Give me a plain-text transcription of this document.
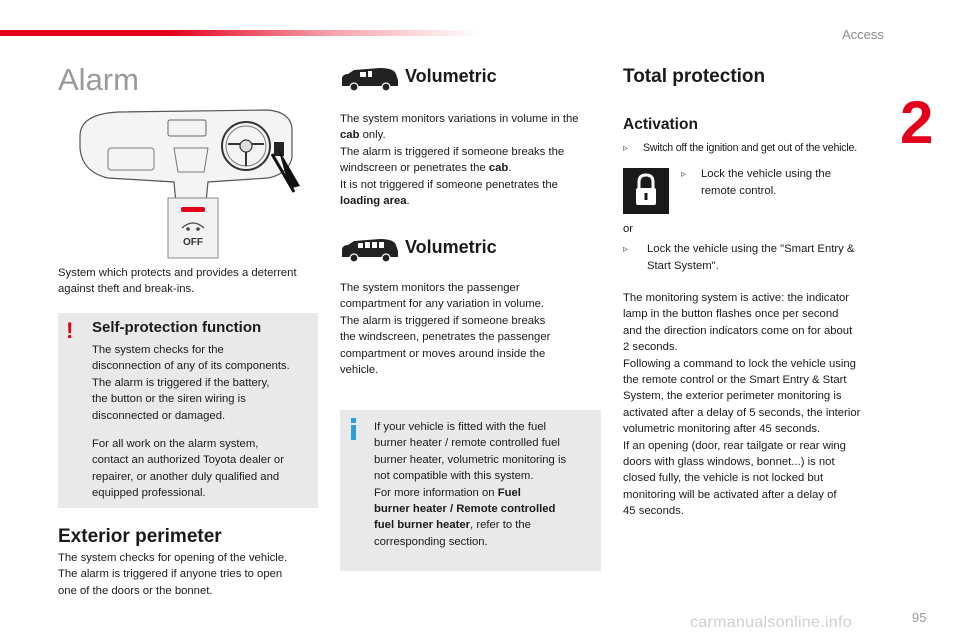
Access
2
Alarm
OFF
System which protects and provides a deterrent
against theft and break-ins.
! Self-protection function
The system checks for the
disconnection of any of its components.
The alarm is triggered if the battery,
the button or the siren wiring is
disconnected or damaged.
For all work on the alarm system,
contact an authorized Toyota dealer or
repairer, or another duly qualified and
equipped professional.
Exterior perimeter
The system checks for opening of the vehicle.
The alarm is triggered if anyone tries to open
one of the doors or the bonnet.
Volumetric
The system monitors variations in volume in the
cab only.
The alarm is triggered if someone breaks the
windscreen or penetrates the cab.
It is not triggered if someone penetrates the
loading area.
Volumetric
The system monitors the passenger
compartment for any variation in volume.
The alarm is triggered if someone breaks
the windscreen, penetrates the passenger
compartment or moves around inside the
vehicle.
If your vehicle is fitted with the fuel
burner heater / remote controlled fuel
burner heater, volumetric monitoring is
not compatible with this system.
For more information on Fuel
burner heater / Remote controlled
fuel burner heater, refer to the
corresponding section.
Total protection
Activation
▹ Switch off the ignition and get out of the vehicle.
▹ Lock the vehicle using the
remote control.
or
▹ Lock the vehicle using the "Smart Entry &
Start System".
The monitoring system is active: the indicator
lamp in the button flashes once per second
and the direction indicators come on for about
2 seconds.
Following a command to lock the vehicle using
the remote control or the Smart Entry & Start
System, the exterior perimeter monitoring is
activated after a delay of 5 seconds, the interior
volumetric monitoring after 45 seconds.
If an opening (door, rear tailgate or rear wing
doors with glass windows, bonnet...) is not
closed fully, the vehicle is not locked but
monitoring will be activated after a delay of
45 seconds.
carmanualsonline.info	95
